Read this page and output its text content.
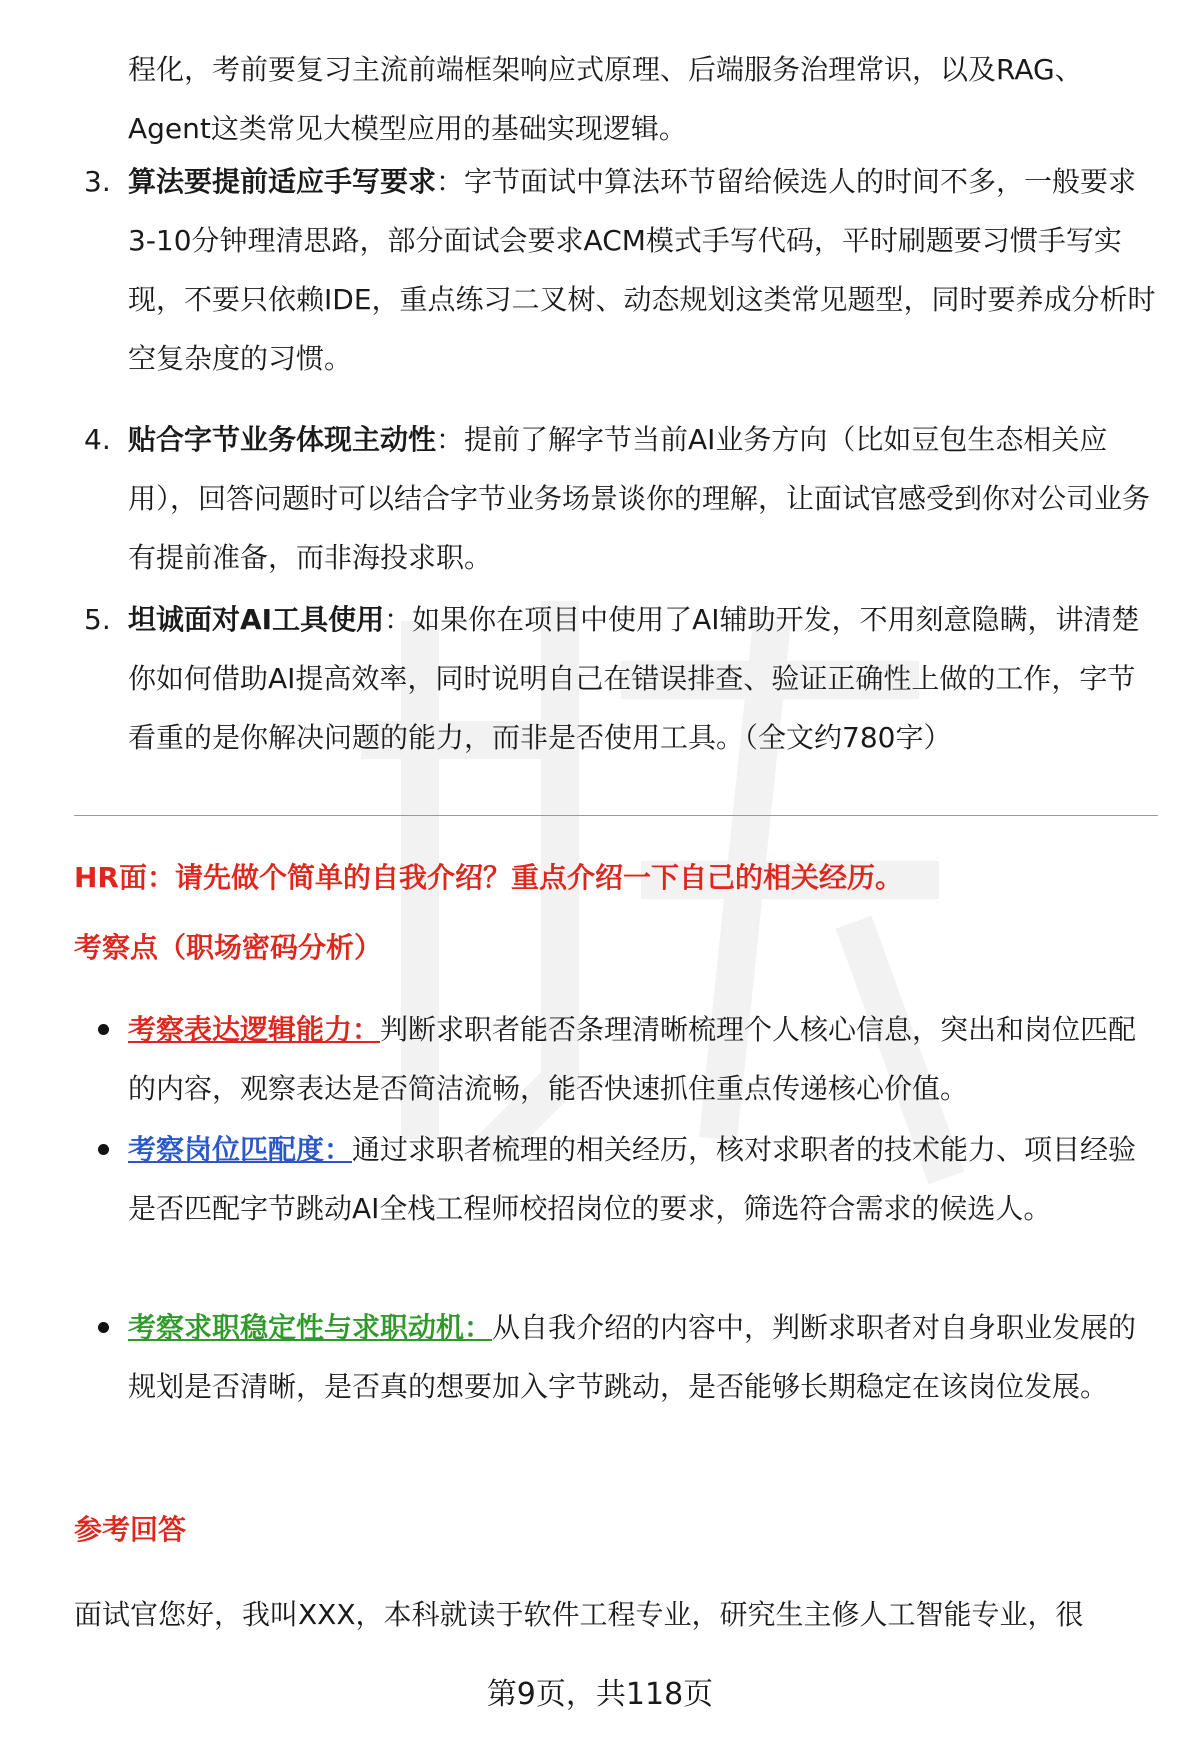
程化，考前要复习主流前端框架响应式原理、后端服务治理常识，以及RAG、Agent这类常见大模型应用的基础实现逻辑。
3. 算法要提前适应手写要求：字节面试中算法环节留给候选人的时间不多，一般要求3-10分钟理清思路，部分面试会要求ACM模式手写代码，平时刷题要习惯手写实现，不要只依赖IDE，重点练习二叉树、动态规划这类常见题型，同时要养成分析时空复杂度的习惯。
4. 贴合字节业务体现主动性：提前了解字节当前AI业务方向（比如豆包生态相关应用），回答问题时可以结合字节业务场景谈你的理解，让面试官感受到你对公司业务有提前准备，而非海投求职。
5. 坦诚面对AI工具使用：如果你在项目中使用了AI辅助开发，不用刻意隐瞒，讲清楚你如何借助AI提高效率，同时说明自己在错误排查、验证正确性上做的工作，字节看重的是你解决问题的能力，而非是否使用工具。（全文约780字）
HR面：请先做个简单的自我介绍？重点介绍一下自己的相关经历。
考察点（职场密码分析）
考察表达逻辑能力：判断求职者能否条理清晰梳理个人核心信息，突出和岗位匹配的内容，观察表达是否简洁流畅，能否快速抓住重点传递核心价值。
考察岗位匹配度：通过求职者梳理的相关经历，核对求职者的技术能力、项目经验是否匹配字节跳动AI全栈工程师校招岗位的要求，筛选符合需求的候选人。
考察求职稳定性与求职动机：从自我介绍的内容中，判断求职者对自身职业发展的规划是否清晰，是否真的想要加入字节跳动，是否能够长期稳定在该岗位发展。
参考回答
面试官您好，我叫XXX，本科就读于软件工程专业，研究生主修人工智能专业，很
第9页，共118页
